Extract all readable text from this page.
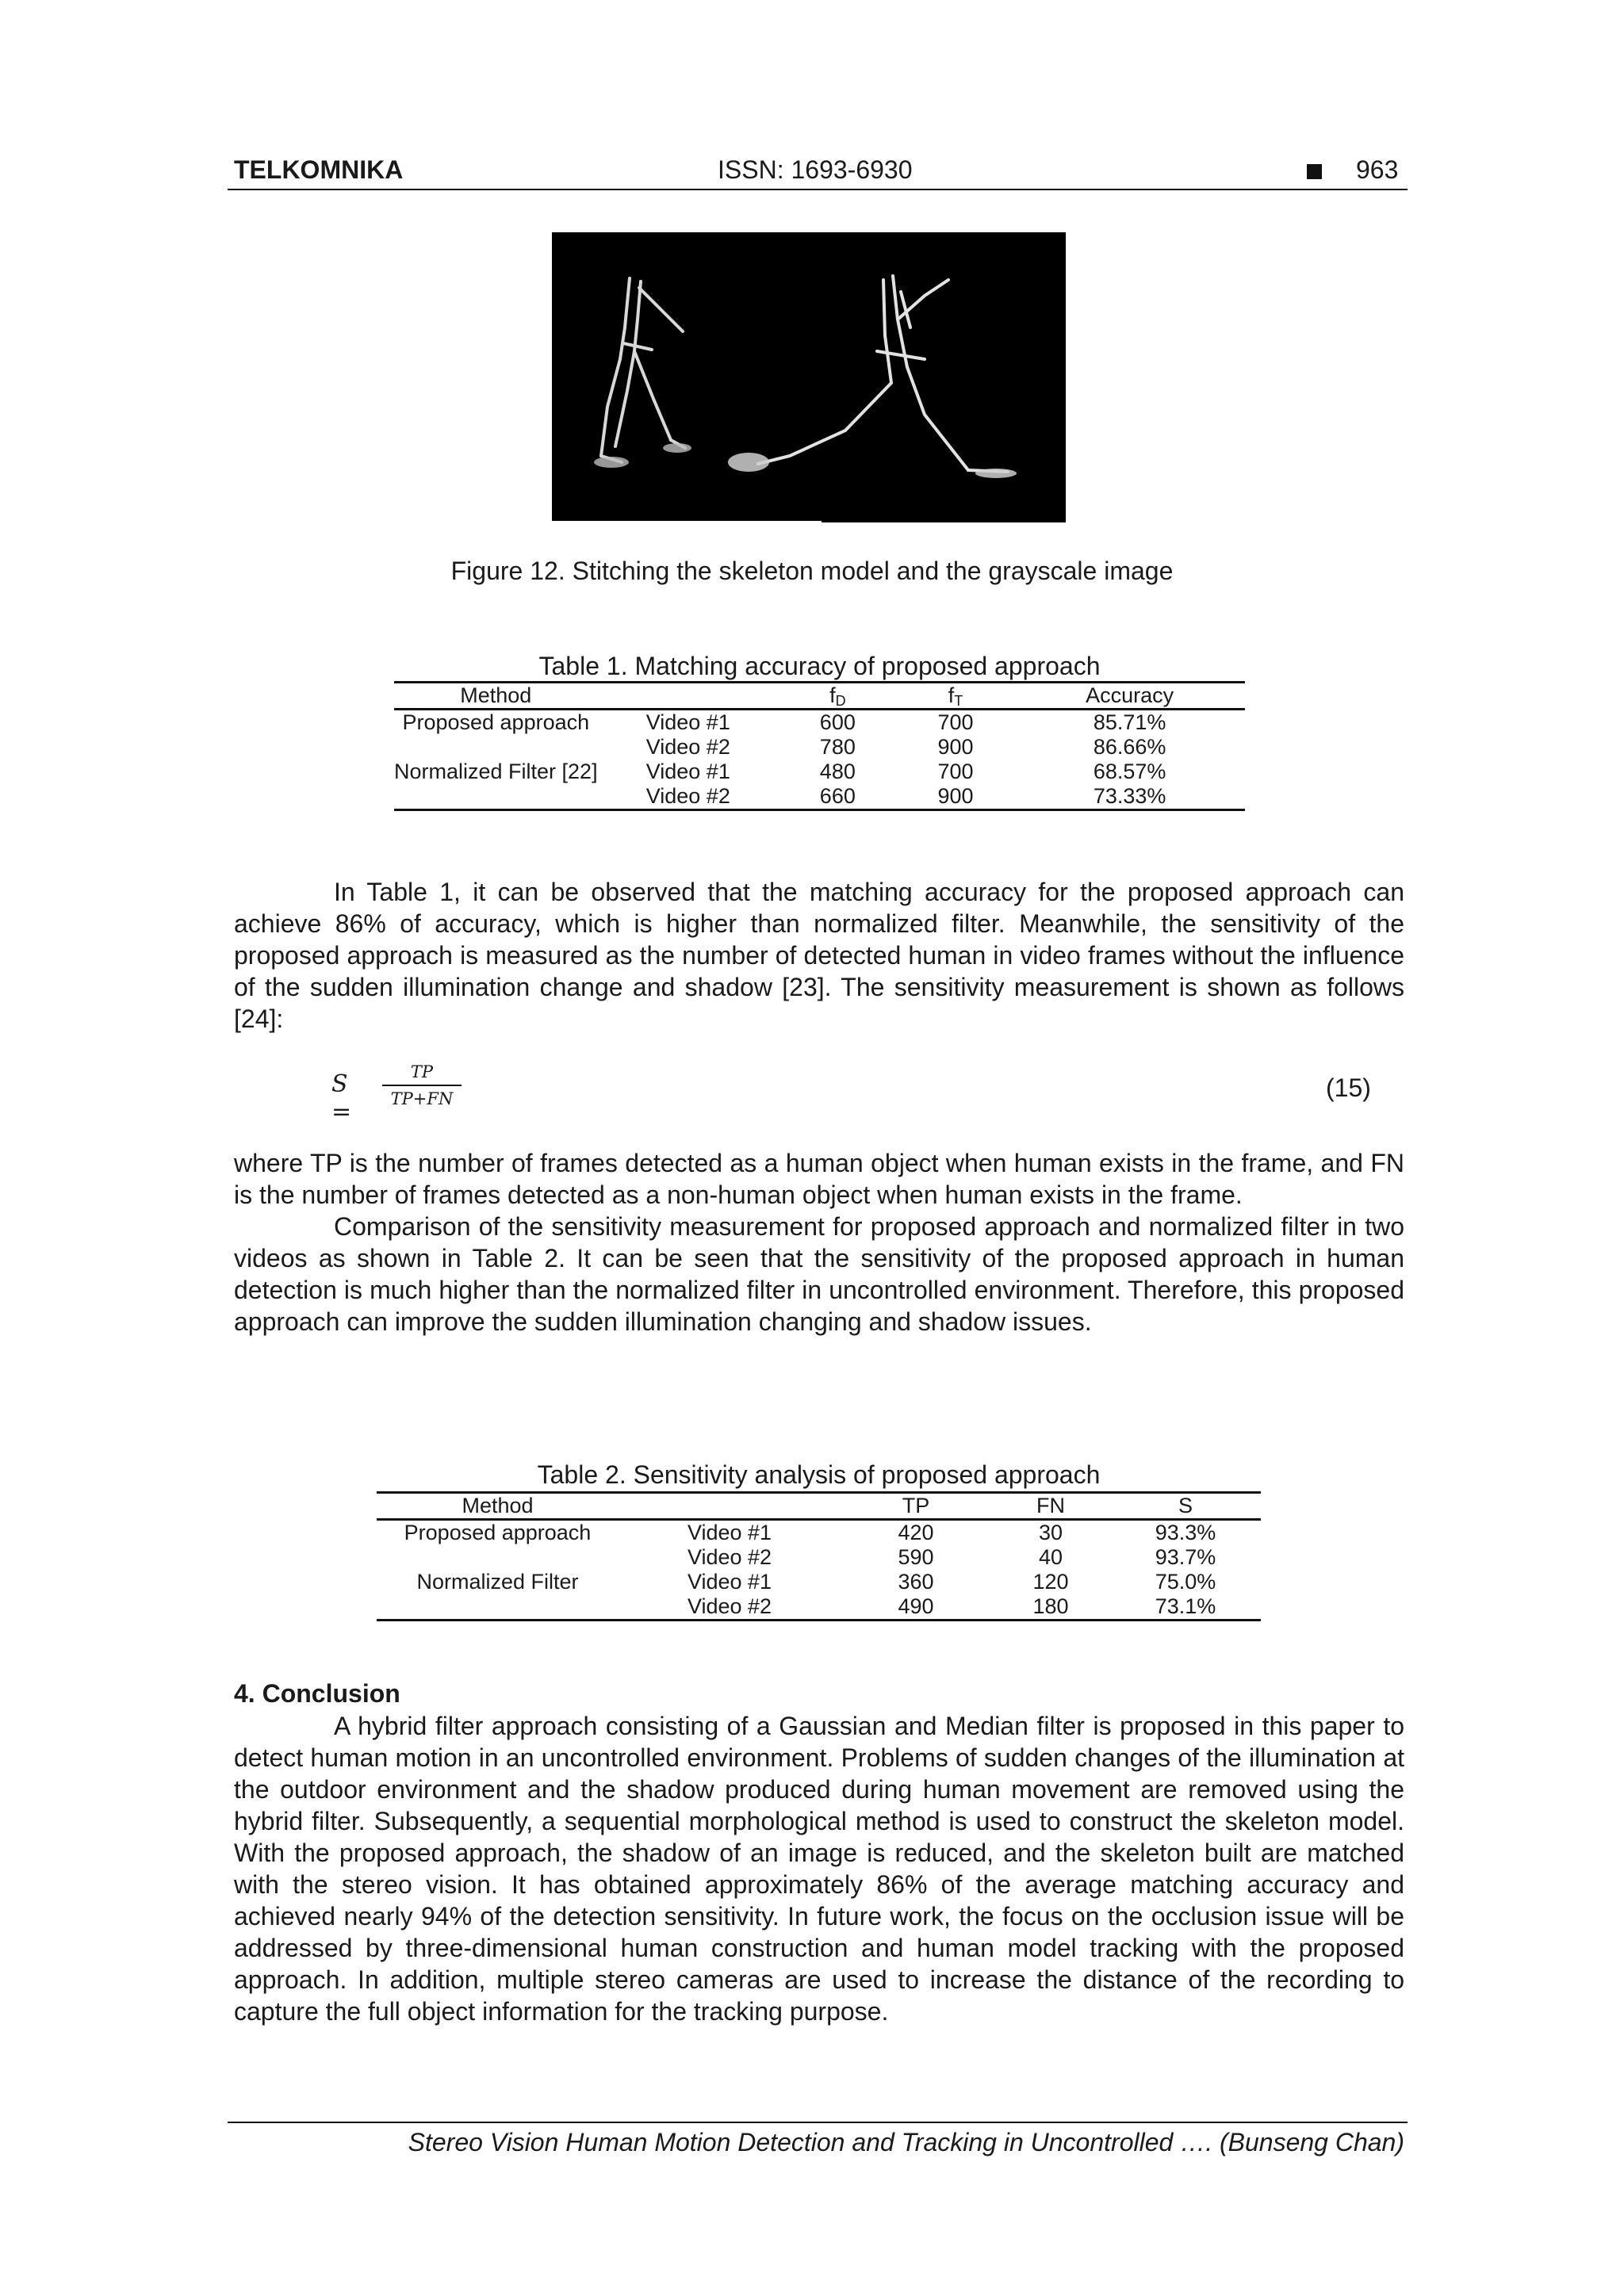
TELKOMNIKA	ISSN: 1693-6930	963
Figure 12. Stitching the skeleton model and the grayscale image
Table 1. Matching accuracy of proposed approach
Method		$f_D$	$f_T$	Accuracy
Proposed approach	Video #1	600	700	85.71%
	Video #2	780	900	86.66%
Normalized Filter [22]	Video #1	480	700	68.57%
	Video #2	660	900	73.33%
In Table 1, it can be observed that the matching accuracy for the proposed approach can achieve 86% of accuracy, which is higher than normalized filter. Meanwhile, the sensitivity of the proposed approach is measured as the number of detected human in video frames without the influence of the sudden illumination change and shadow [23]. The sensitivity measurement is shown as follows [24]:
S =
TP
TP+FN	(15)
where TP is the number of frames detected as a human object when human exists in the frame, and FN is the number of frames detected as a non-human object when human exists in the frame.
Comparison of the sensitivity measurement for proposed approach and normalized filter in two videos as shown in Table 2. It can be seen that the sensitivity of the proposed approach in human detection is much higher than the normalized filter in uncontrolled environment. Therefore, this proposed approach can improve the sudden illumination changing and shadow issues.
Table 2. Sensitivity analysis of proposed approach
Method		TP	FN	S
Proposed approach	Video #1	420	30	93.3%
	Video #2	590	40	93.7%
Normalized Filter	Video #1	360	120	75.0%
	Video #2	490	180	73.1%
4. Conclusion
A hybrid filter approach consisting of a Gaussian and Median filter is proposed in this paper to detect human motion in an uncontrolled environment. Problems of sudden changes of the illumination at the outdoor environment and the shadow produced during human movement are removed using the hybrid filter. Subsequently, a sequential morphological method is used to construct the skeleton model. With the proposed approach, the shadow of an image is reduced, and the skeleton built are matched with the stereo vision. It has obtained approximately 86% of the average matching accuracy and achieved nearly 94% of the detection sensitivity. In future work, the focus on the occlusion issue will be addressed by three-dimensional human construction and human model tracking with the proposed approach. In addition, multiple stereo cameras are used to increase the distance of the recording to capture the full object information for the tracking purpose.
Stereo Vision Human Motion Detection and Tracking in Uncontrolled …. (Bunseng Chan)
